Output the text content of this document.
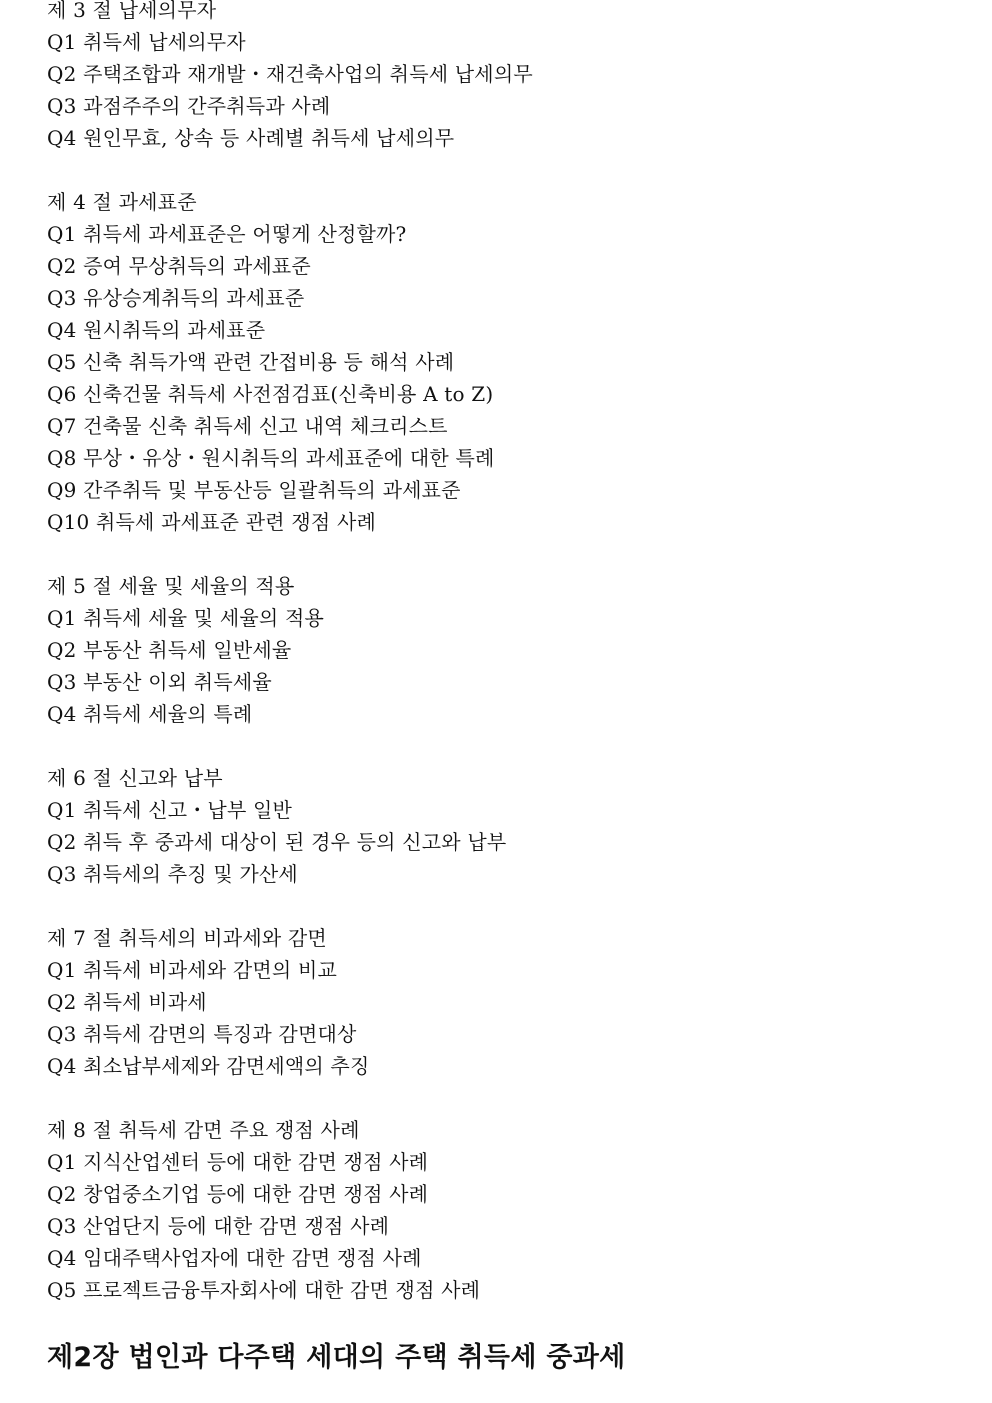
제 3 절 납세의무자
Q1 취득세 납세의무자
Q2 주택조합과 재개발・재건축사업의 취득세 납세의무
Q3 과점주주의 간주취득과 사례
Q4 원인무효, 상속 등 사례별 취득세 납세의무
제 4 절 과세표준
Q1 취득세 과세표준은 어떻게 산정할까?
Q2 증여 무상취득의 과세표준
Q3 유상승계취득의 과세표준
Q4 원시취득의 과세표준
Q5 신축 취득가액 관련 간접비용 등 해석 사례
Q6 신축건물 취득세 사전점검표(신축비용 A to Z)
Q7 건축물 신축 취득세 신고 내역 체크리스트
Q8 무상・유상・원시취득의 과세표준에 대한 특례
Q9 간주취득 및 부동산등 일괄취득의 과세표준
Q10 취득세 과세표준 관련 쟁점 사례
제 5 절 세율 및 세율의 적용
Q1 취득세 세율 및 세율의 적용
Q2 부동산 취득세 일반세율
Q3 부동산 이외 취득세율
Q4 취득세 세율의 특례
제 6 절 신고와 납부
Q1 취득세 신고・납부 일반
Q2 취득 후 중과세 대상이 된 경우 등의 신고와 납부
Q3 취득세의 추징 및 가산세
제 7 절 취득세의 비과세와 감면
Q1 취득세 비과세와 감면의 비교
Q2 취득세 비과세
Q3 취득세 감면의 특징과 감면대상
Q4 최소납부세제와 감면세액의 추징
제 8 절 취득세 감면 주요 쟁점 사례
Q1 지식산업센터 등에 대한 감면 쟁점 사례
Q2 창업중소기업 등에 대한 감면 쟁점 사례
Q3 산업단지 등에 대한 감면 쟁점 사례
Q4 임대주택사업자에 대한 감면 쟁점 사례
Q5 프로젝트금융투자회사에 대한 감면 쟁점 사례
제2장 법인과 다주택 세대의 주택 취득세 중과세
